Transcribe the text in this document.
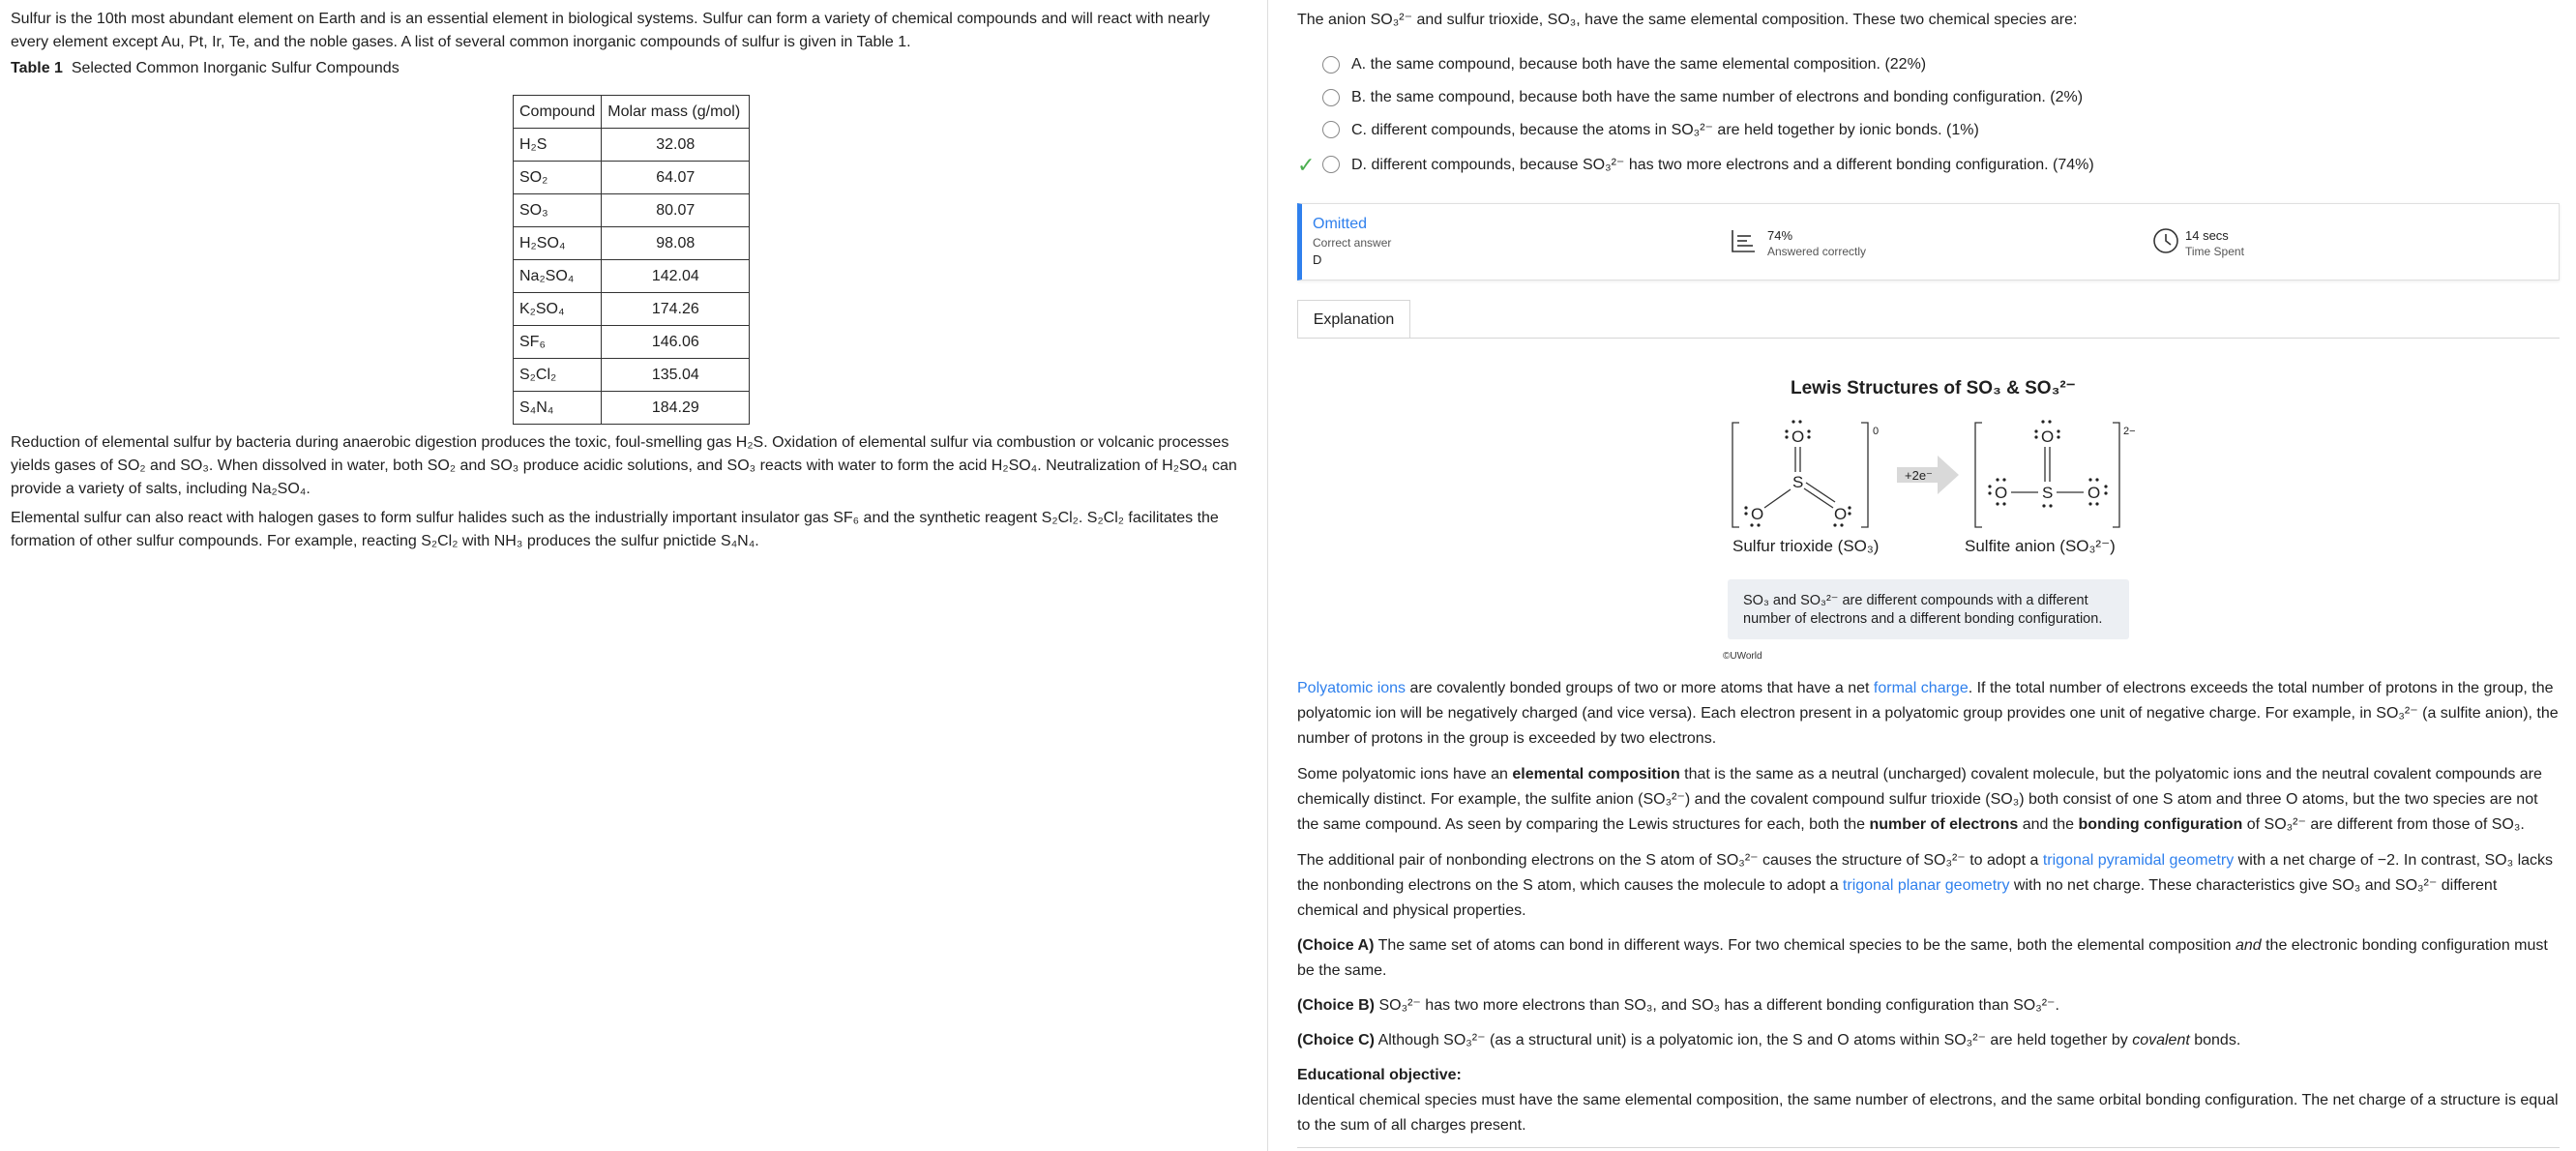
Sulfur is the 10th most abundant element on Earth and is an essential element in biological systems. Sulfur can form a variety of chemical compounds and will react with nearly every element except Au, Pt, Ir, Te, and the noble gases. A list of several common inorganic compounds of sulfur is given in Table 1.

Table 1 Selected Common Inorganic Sulfur Compounds
Compound	Molar mass (g/mol)
H₂S	32.08
SO₂	64.07
SO₃	80.07
H₂SO₄	98.08
Na₂SO₄	142.04
K₂SO₄	174.26
SF₆	146.06
S₂Cl₂	135.04
S₄N₄	184.29

Reduction of elemental sulfur by bacteria during anaerobic digestion produces the toxic, foul-smelling gas H₂S. Oxidation of elemental sulfur via combustion or volcanic processes yields gases of SO₂ and SO₃. When dissolved in water, both SO₂ and SO₃ produce acidic solutions, and SO₃ reacts with water to form the acid H₂SO₄. Neutralization of H₂SO₄ can provide a variety of salts, including Na₂SO₄.

Elemental sulfur can also react with halogen gases to form sulfur halides such as the industrially important insulator gas SF₆ and the synthetic reagent S₂Cl₂. S₂Cl₂ facilitates the formation of other sulfur compounds. For example, reacting S₂Cl₂ with NH₃ produces the sulfur pnictide S₄N₄.

The anion SO₃²⁻ and sulfur trioxide, SO₃, have the same elemental composition. These two chemical species are:

A. the same compound, because both have the same elemental composition. (22%)
B. the same compound, because both have the same number of electrons and bonding configuration. (2%)
C. different compounds, because the atoms in SO₃²⁻ are held together by ionic bonds. (1%)
✓ D. different compounds, because SO₃²⁻ has two more electrons and a different bonding configuration. (74%)
Omitted
Correct answer
D
74%
Answered correctly
14 secs
Time Spent
Explanation
Lewis Structures of SO₃ & SO₃²⁻
0
O
S
O	O
+2e⁻
2−
O
S
O	O
Sulfur trioxide (SO₃)	Sulfite anion (SO₃²⁻)
SO₃ and SO₃²⁻ are different compounds with a different number of electrons and a different bonding configuration.
©UWorld

Polyatomic ions are covalently bonded groups of two or more atoms that have a net formal charge. If the total number of electrons exceeds the total number of protons in the group, the polyatomic ion will be negatively charged (and vice versa). Each electron present in a polyatomic group provides one unit of negative charge. For example, in SO₃²⁻ (a sulfite anion), the number of protons in the group is exceeded by two electrons.

Some polyatomic ions have an elemental composition that is the same as a neutral (uncharged) covalent molecule, but the polyatomic ions and the neutral covalent compounds are chemically distinct. For example, the sulfite anion (SO₃²⁻) and the covalent compound sulfur trioxide (SO₃) both consist of one S atom and three O atoms, but the two species are not the same compound. As seen by comparing the Lewis structures for each, both the number of electrons and the bonding configuration of SO₃²⁻ are different from those of SO₃.

The additional pair of nonbonding electrons on the S atom of SO₃²⁻ causes the structure of SO₃²⁻ to adopt a trigonal pyramidal geometry with a net charge of −2. In contrast, SO₃ lacks the nonbonding electrons on the S atom, which causes the molecule to adopt a trigonal planar geometry with no net charge. These characteristics give SO₃ and SO₃²⁻ different chemical and physical properties.

(Choice A) The same set of atoms can bond in different ways. For two chemical species to be the same, both the elemental composition and the electronic bonding configuration must be the same.

(Choice B) SO₃²⁻ has two more electrons than SO₃, and SO₃ has a different bonding configuration than SO₃²⁻.

(Choice C) Although SO₃²⁻ (as a structural unit) is a polyatomic ion, the S and O atoms within SO₃²⁻ are held together by covalent bonds.

Educational objective:
Identical chemical species must have the same elemental composition, the same number of electrons, and the same orbital bonding configuration. The net charge of a structure is equal to the sum of all charges present.
